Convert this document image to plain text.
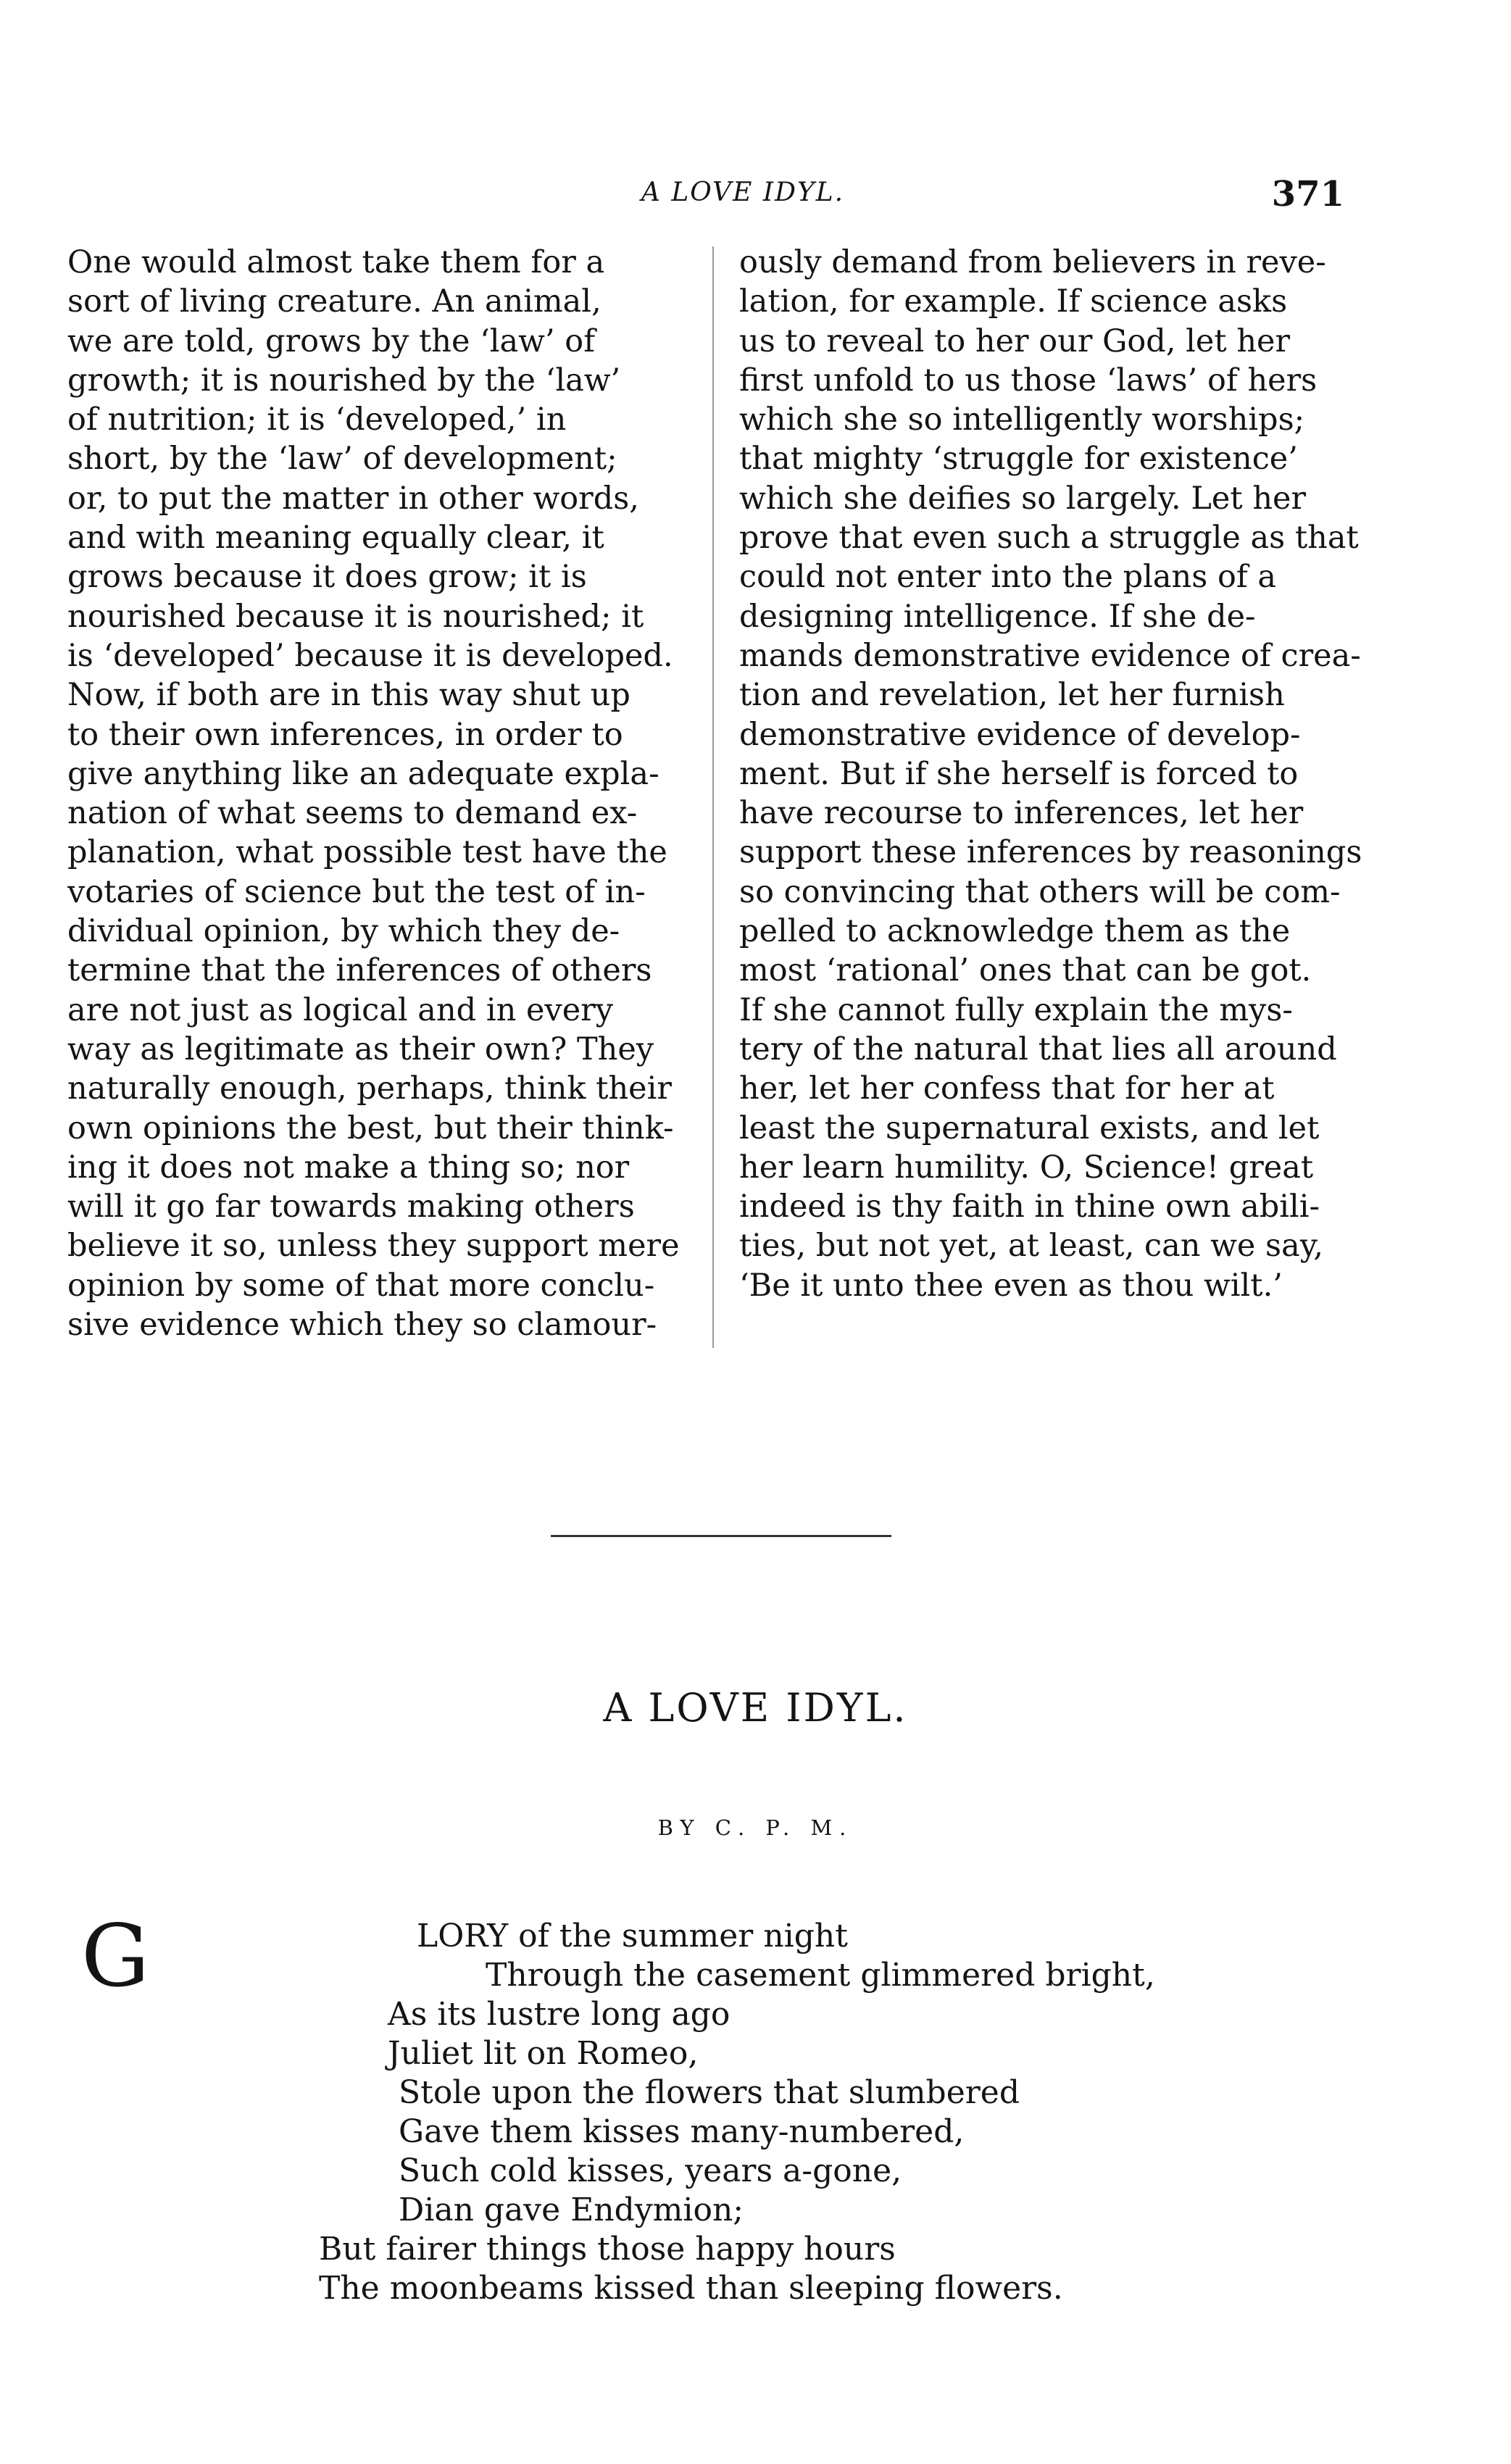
A LOVE IDYL.	371
One would almost take them for a
sort of living creature. An animal,
we are told, grows by the ‘law’ of
growth; it is nourished by the ‘law’
of nutrition; it is ‘developed,’ in
short, by the ‘law’ of development;
or, to put the matter in other words,
and with meaning equally clear, it
grows because it does grow; it is
nourished because it is nourished; it
is ‘developed’ because it is developed.
Now, if both are in this way shut up
to their own inferences, in order to
give anything like an adequate expla-
nation of what seems to demand ex-
planation, what possible test have the
votaries of science but the test of in-
dividual opinion, by which they de-
termine that the inferences of others
are not just as logical and in every
way as legitimate as their own? They
naturally enough, perhaps, think their
own opinions the best, but their think-
ing it does not make a thing so; nor
will it go far towards making others
believe it so, unless they support mere
opinion by some of that more conclu-
sive evidence which they so clamour-
ously demand from believers in reve-
lation, for example. If science asks
us to reveal to her our God, let her
first unfold to us those ‘laws’ of hers
which she so intelligently worships;
that mighty ‘struggle for existence’
which she deifies so largely. Let her
prove that even such a struggle as that
could not enter into the plans of a
designing intelligence. If she de-
mands demonstrative evidence of crea-
tion and revelation, let her furnish
demonstrative evidence of develop-
ment. But if she herself is forced to
have recourse to inferences, let her
support these inferences by reasonings
so convincing that others will be com-
pelled to acknowledge them as the
most ‘rational’ ones that can be got.
If she cannot fully explain the mys-
tery of the natural that lies all around
her, let her confess that for her at
least the supernatural exists, and let
her learn humility. O, Science! great
indeed is thy faith in thine own abili-
ties, but not yet, at least, can we say,
‘Be it unto thee even as thou wilt.’
A LOVE IDYL.
BY C. P. M.
G	LORY of the summer night
Through the casement glimmered bright,
As its lustre long ago
Juliet lit on Romeo,
Stole upon the flowers that slumbered
Gave them kisses many-numbered,
Such cold kisses, years a-gone,
Dian gave Endymion;
But fairer things those happy hours
The moonbeams kissed than sleeping flowers.
